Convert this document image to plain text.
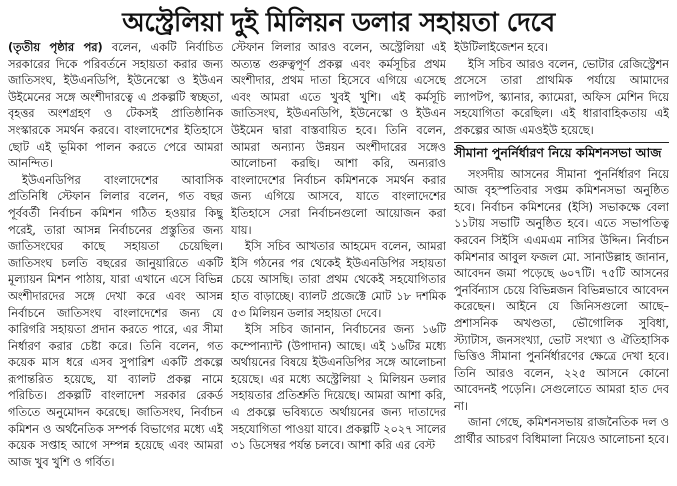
অস্ট্রেলিয়া দুই মিলিয়ন ডলার সহায়তা দেবে

(তৃতীয় পৃষ্ঠার পর) বলেন, একটি নির্বাচিত সরকারের দিকে পরিবর্তনে সহায়তা করার জন্য জাতিসংঘ, ইউএনডিপি, ইউনেস্কো ও ইউএন উইমেনের সঙ্গে অংশীদারত্বে এ প্রকল্পটি স্বচ্ছতা, বৃহত্তর অংশগ্রহণ ও টেকসই প্রাতিষ্ঠানিক সংস্কারকে সমর্থন করবে। বাংলাদেশের ইতিহাসে ছোট এই ভূমিকা পালন করতে পেরে আমরা আনন্দিত।

ইউএনডিপির বাংলাদেশের আবাসিক প্রতিনিধি স্টেফান লিলার বলেন, গত বছর পূর্ববর্তী নির্বাচন কমিশন গঠিত হওয়ার কিছু পরেই, তারা আসন্ন নির্বাচনের প্রস্তুতির জন্য জাতিসংঘের কাছে সহায়তা চেয়েছিল। জাতিসংঘ চলতি বছরের জানুয়ারিতে একটি মূল্যায়ন মিশন পাঠায়, যারা এখানে এসে বিভিন্ন অংশীদারদের সঙ্গে দেখা করে এবং আসন্ন নির্বাচনে জাতিসংঘ বাংলাদেশের জন্য যে কারিগরি সহায়তা প্রদান করতে পারে, এর সীমা নির্ধারণ করার চেষ্টা করে। তিনি বলেন, গত কয়েক মাস ধরে এসব সুপারিশ একটি প্রকল্পে রূপান্তরিত হয়েছে, যা ব্যালট প্রকল্প নামে পরিচিত। প্রকল্পটি বাংলাদেশ সরকার রেকর্ড গতিতে অনুমোদন করেছে। জাতিসংঘ, নির্বাচন কমিশন ও অর্থনৈতিক সম্পর্ক বিভাগের মধ্যে এই কয়েক সপ্তাহ আগে সম্পন্ন হয়েছে এবং আমরা আজ খুব খুশি ও গর্বিত।

স্টেফান লিলার আরও বলেন, অস্ট্রেলিয়া এই অত্যন্ত গুরুত্বপূর্ণ প্রকল্প এবং কর্মসূচির প্রথম অংশীদার, প্রথম দাতা হিসেবে এগিয়ে এসেছে এবং আমরা এতে খুবই খুশি। এই কর্মসূচি জাতিসংঘ, ইউএনডিপি, ইউনেস্কো ও ইউএন উইমেন দ্বারা বাস্তবায়িত হবে। তিনি বলেন, আমরা অন্যান্য উন্নয়ন অংশীদারের সঙ্গেও আলোচনা করছি। আশা করি, অন্যরাও বাংলাদেশের নির্বাচন কমিশনকে সমর্থন করার জন্য এগিয়ে আসবে, যাতে বাংলাদেশের ইতিহাসে সেরা নির্বাচনগুলো আয়োজন করা যায়।

ইসি সচিব আখতার আহমেদ বলেন, আমরা ইসি গঠনের পর থেকেই ইউএনডিপির সহায়তা চেয়ে আসছি। তারা প্রথম থেকেই সহযোগিতার হাত বাড়াচ্ছে। ব্যালট প্রজেক্টে মোট ১৮ দশমিক ৫৩ মিলিয়ন ডলার সহায়তা দেবে।

ইসি সচিব জানান, নির্বাচনের জন্য ১৬টি কম্পোন্যান্ট (উপাদান) আছে। এই ১৬টির মধ্যে অর্থায়নের বিষয়ে ইউএনডিপির সঙ্গে আলোচনা হয়েছে। এর মধ্যে অস্ট্রেলিয়া ২ মিলিয়ন ডলার সহায়তার প্রতিশ্রুতি দিয়েছে। আমরা আশা করি, এ প্রকল্পে ভবিষ্যতে অর্থায়নের জন্য দাতাদের সহযোগিতা পাওয়া যাবে। প্রকল্পটি ২০২৭ সালের ৩১ ডিসেম্বর পর্যন্ত চলবে। আশা করি এর বেস্ট

ইউটিলাইজেশন হবে।

ইসি সচিব আরও বলেন, ভোটার রেজিস্ট্রেশন প্রসেসে তারা প্রাথমিক পর্যায়ে আমাদের ল্যাপটপ, স্ক্যানার, ক্যামেরা, অফিস মেশিন দিয়ে সহযোগিতা করেছিল। এই ধারাবাহিকতায় এই প্রকল্পের আজ এমওইউ হয়েছে।

সীমানা পুনর্নির্ধারণ নিয়ে কমিশনসভা আজ

সংসদীয় আসনের সীমানা পুনর্নির্ধারণ নিয়ে আজ বৃহস্পতিবার সপ্তম কমিশনসভা অনুষ্ঠিত হবে। নির্বাচন কমিশনের (ইসি) সভাকক্ষে বেলা ১১টায় সভাটি অনুষ্ঠিত হবে। এতে সভাপতিত্ব করবেন সিইসি এএমএম নাসির উদ্দিন। নির্বাচন কমিশনার আবুল ফজল মো. সানাউল্লাহ জানান, আবেদন জমা পড়েছে ৬০৭টি। ৭৫টি আসনের পুনর্বিন্যাস চেয়ে বিভিন্নজন বিভিন্নভাবে আবেদন করেছেন। আইনে যে জিনিসগুলো আছে– প্রশাসনিক অখণ্ডতা, ভৌগোলিক সুবিধা, স্ট্যাটাস, জনসংখ্যা, ভোট সংখ্যা ও ঐতিহাসিক ভিত্তিও সীমানা পুনর্নির্ধারণের ক্ষেত্রে দেখা হবে। তিনি আরও বলেন, ২২৫ আসনে কোনো আবেদনই পড়েনি। সেগুলোতে আমরা হাত দেব না।

জানা গেছে, কমিশনসভায় রাজনৈতিক দল ও প্রার্থীর আচরণ বিধিমালা নিয়েও আলোচনা হবে।
